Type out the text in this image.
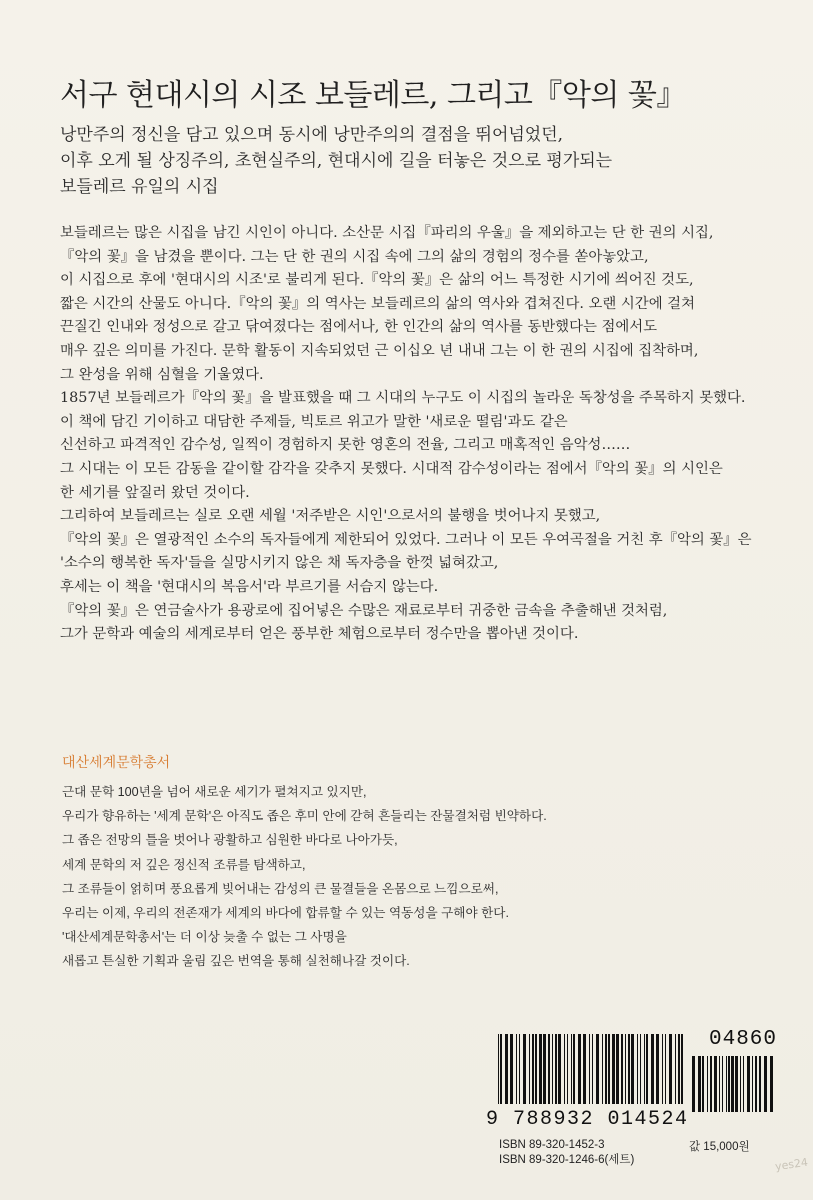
서구 현대시의 시조 보들레르, 그리고『악의 꽃』
낭만주의 정신을 담고 있으며 동시에 낭만주의의 결점을 뛰어넘었던,
이후 오게 될 상징주의, 초현실주의, 현대시에 길을 터놓은 것으로 평가되는
보들레르 유일의 시집
보들레르는 많은 시집을 남긴 시인이 아니다. 소산문 시집『파리의 우울』을 제외하고는 단 한 권의 시집,
『악의 꽃』을 남겼을 뿐이다. 그는 단 한 권의 시집 속에 그의 삶의 경험의 정수를 쏟아놓았고,
이 시집으로 후에 '현대시의 시조'로 불리게 된다.『악의 꽃』은 삶의 어느 특정한 시기에 씌어진 것도,
짧은 시간의 산물도 아니다.『악의 꽃』의 역사는 보들레르의 삶의 역사와 겹쳐진다. 오랜 시간에 걸쳐
끈질긴 인내와 정성으로 갈고 닦여졌다는 점에서나, 한 인간의 삶의 역사를 동반했다는 점에서도
매우 깊은 의미를 가진다. 문학 활동이 지속되었던 근 이십오 년 내내 그는 이 한 권의 시집에 집착하며,
그 완성을 위해 심혈을 기울였다.
1857년 보들레르가『악의 꽃』을 발표했을 때 그 시대의 누구도 이 시집의 놀라운 독창성을 주목하지 못했다.
이 책에 담긴 기이하고 대담한 주제들, 빅토르 위고가 말한 '새로운 떨림'과도 같은
신선하고 파격적인 감수성, 일찍이 경험하지 못한 영혼의 전율, 그리고 매혹적인 음악성……
그 시대는 이 모든 감동을 같이할 감각을 갖추지 못했다. 시대적 감수성이라는 점에서『악의 꽃』의 시인은
한 세기를 앞질러 왔던 것이다.
그리하여 보들레르는 실로 오랜 세월 '저주받은 시인'으로서의 불행을 벗어나지 못했고,
『악의 꽃』은 열광적인 소수의 독자들에게 제한되어 있었다. 그러나 이 모든 우여곡절을 거친 후『악의 꽃』은
'소수의 행복한 독자'들을 실망시키지 않은 채 독자층을 한껏 넓혀갔고,
후세는 이 책을 '현대시의 복음서'라 부르기를 서슴지 않는다.
『악의 꽃』은 연금술사가 용광로에 집어넣은 수많은 재료로부터 귀중한 금속을 추출해낸 것처럼,
그가 문학과 예술의 세계로부터 얻은 풍부한 체험으로부터 정수만을 뽑아낸 것이다.
대산세계문학총서
근대 문학 100년을 넘어 새로운 세기가 펼쳐지고 있지만,
우리가 향유하는 '세계 문학'은 아직도 좁은 후미 안에 갇혀 흔들리는 잔물결처럼 빈약하다.
그 좁은 전망의 틀을 벗어나 광활하고 심원한 바다로 나아가듯,
세계 문학의 저 깊은 정신적 조류를 탐색하고,
그 조류들이 얽히며 풍요롭게 빚어내는 감성의 큰 물결들을 온몸으로 느낌으로써,
우리는 이제, 우리의 전존재가 세계의 바다에 합류할 수 있는 역동성을 구해야 한다.
'대산세계문학총서'는 더 이상 늦출 수 없는 그 사명을
새롭고 튼실한 기획과 울림 깊은 번역을 통해 실천해나갈 것이다.
04860
9 788932 014524
ISBN 89-320-1452-3
ISBN 89-320-1246-6(세트)
값 15,000원
yes24
